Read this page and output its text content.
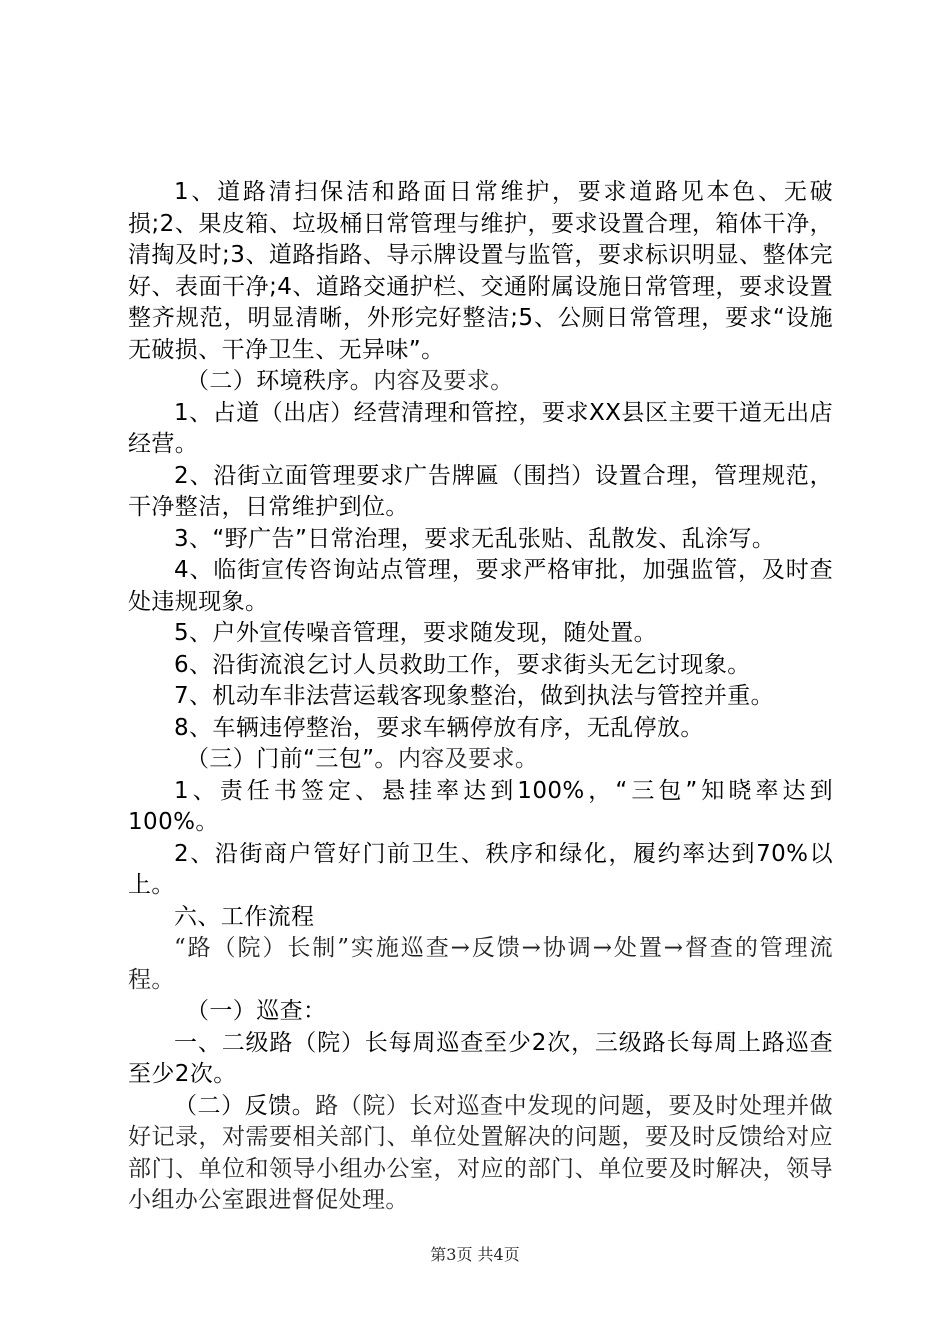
1、道路清扫保洁和路面日常维护，要求道路见本色、无破损;2、果皮箱、垃圾桶日常管理与维护，要求设置合理，箱体干净，清掏及时;3、道路指路、导示牌设置与监管，要求标识明显、整体完好、表面干净;4、道路交通护栏、交通附属设施日常管理，要求设置整齐规范，明显清晰，外形完好整洁;5、公厕日常管理，要求“设施无破损、干净卫生、无异味”。

（二）环境秩序。内容及要求。

1、占道（出店）经营清理和管控，要求XX县区主要干道无出店经营。

2、沿街立面管理要求广告牌匾（围挡）设置合理，管理规范，干净整洁，日常维护到位。

3、“野广告”日常治理，要求无乱张贴、乱散发、乱涂写。

4、临街宣传咨询站点管理，要求严格审批，加强监管，及时查处违规现象。

5、户外宣传噪音管理，要求随发现，随处置。

6、沿街流浪乞讨人员救助工作，要求街头无乞讨现象。

7、机动车非法营运载客现象整治，做到执法与管控并重。

8、车辆违停整治，要求车辆停放有序，无乱停放。

（三）门前“三包”。内容及要求。

1、责任书签定、悬挂率达到100%，“三包”知晓率达到100%。

2、沿街商户管好门前卫生、秩序和绿化，履约率达到70%以上。

六、工作流程

“路（院）长制”实施巡查→反馈→协调→处置→督查的管理流程。

（一）巡查：

一、二级路（院）长每周巡查至少2次，三级路长每周上路巡查至少2次。

（二）反馈。路（院）长对巡查中发现的问题，要及时处理并做好记录，对需要相关部门、单位处置解决的问题，要及时反馈给对应部门、单位和领导小组办公室，对应的部门、单位要及时解决，领导小组办公室跟进督促处理。

第3页 共4页
